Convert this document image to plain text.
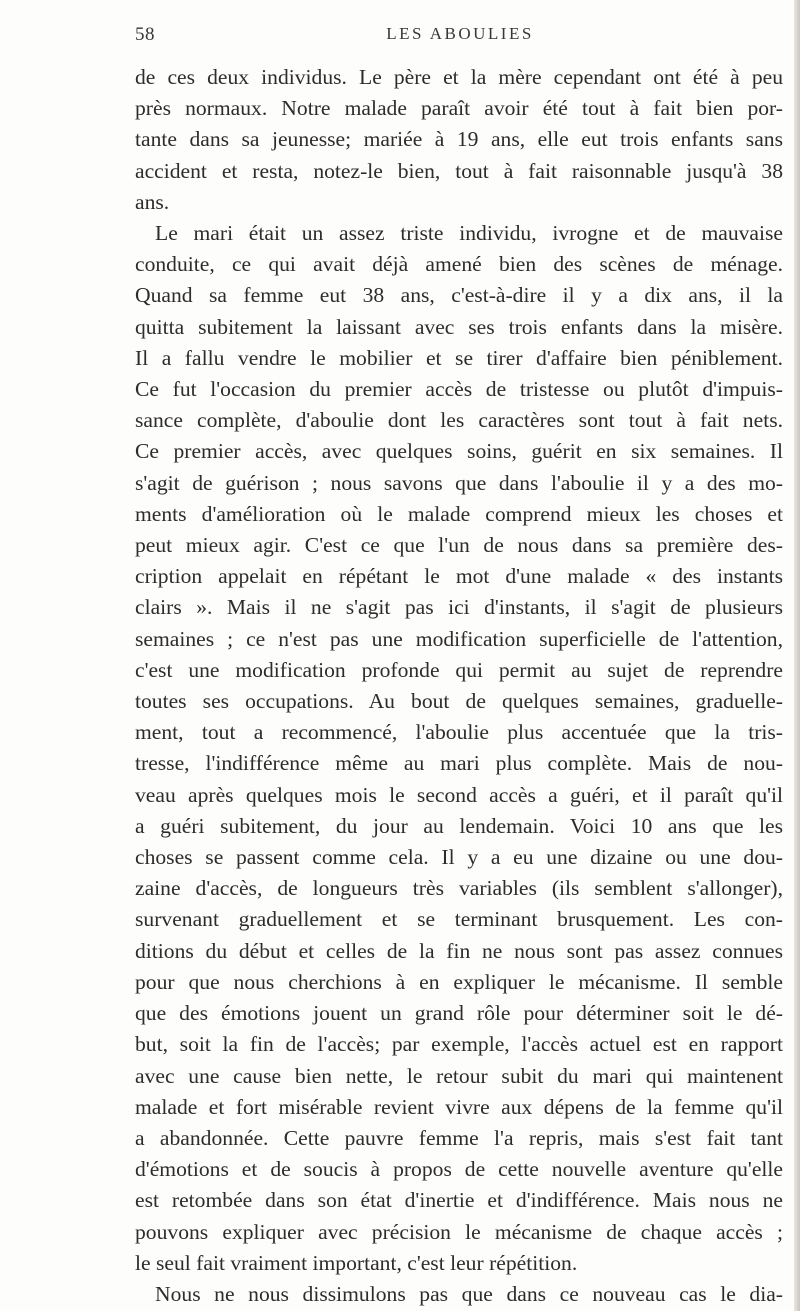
58	LES ABOULIES

de ces deux individus. Le père et la mère cependant ont été à peu
près normaux. Notre malade paraît avoir été tout à fait bien por-
tante dans sa jeunesse; mariée à 19 ans, elle eut trois enfants sans
accident et resta, notez-le bien, tout à fait raisonnable jusqu'à 38
ans.

Le mari était un assez triste individu, ivrogne et de mauvaise
conduite, ce qui avait déjà amené bien des scènes de ménage.
Quand sa femme eut 38 ans, c'est-à-dire il y a dix ans, il la
quitta subitement la laissant avec ses trois enfants dans la misère.
Il a fallu vendre le mobilier et se tirer d'affaire bien péniblement.
Ce fut l'occasion du premier accès de tristesse ou plutôt d'impuis-
sance complète, d'aboulie dont les caractères sont tout à fait nets.
Ce premier accès, avec quelques soins, guérit en six semaines. Il
s'agit de guérison ; nous savons que dans l'aboulie il y a des mo-
ments d'amélioration où le malade comprend mieux les choses et
peut mieux agir. C'est ce que l'un de nous dans sa première des-
cription appelait en répétant le mot d'une malade « des instants
clairs ». Mais il ne s'agit pas ici d'instants, il s'agit de plusieurs
semaines ; ce n'est pas une modification superficielle de l'attention,
c'est une modification profonde qui permit au sujet de reprendre
toutes ses occupations. Au bout de quelques semaines, graduelle-
ment, tout a recommencé, l'aboulie plus accentuée que la tris-
tresse, l'indifférence même au mari plus complète. Mais de nou-
veau après quelques mois le second accès a guéri, et il paraît qu'il
a guéri subitement, du jour au lendemain. Voici 10 ans que les
choses se passent comme cela. Il y a eu une dizaine ou une dou-
zaine d'accès, de longueurs très variables (ils semblent s'allonger),
survenant graduellement et se terminant brusquement. Les con-
ditions du début et celles de la fin ne nous sont pas assez connues
pour que nous cherchions à en expliquer le mécanisme. Il semble
que des émotions jouent un grand rôle pour déterminer soit le dé-
but, soit la fin de l'accès; par exemple, l'accès actuel est en rapport
avec une cause bien nette, le retour subit du mari qui maintenent
malade et fort misérable revient vivre aux dépens de la femme qu'il
a abandonnée. Cette pauvre femme l'a repris, mais s'est fait tant
d'émotions et de soucis à propos de cette nouvelle aventure qu'elle
est retombée dans son état d'inertie et d'indifférence. Mais nous ne
pouvons expliquer avec précision le mécanisme de chaque accès ;
le seul fait vraiment important, c'est leur répétition.

Nous ne nous dissimulons pas que dans ce nouveau cas le dia-
